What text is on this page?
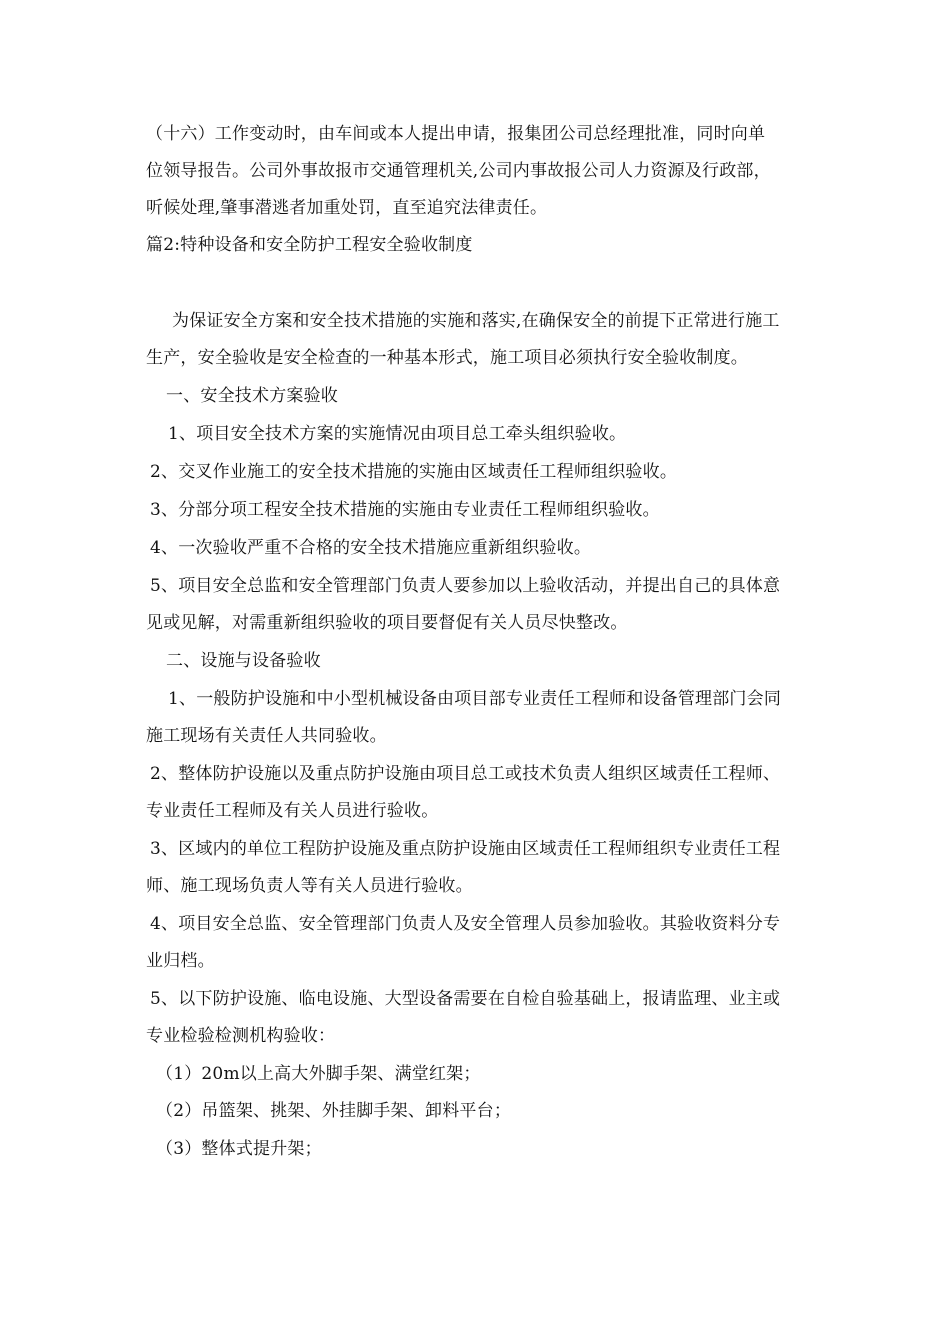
（十六）工作变动时，由车间或本人提出申请，报集团公司总经理批准，同时向单
位领导报告。公司外事故报市交通管理机关,公司内事故报公司人力资源及行政部，
听候处理,肇事潜逃者加重处罚，直至追究法律责任。
篇2:特种设备和安全防护工程安全验收制度
为保证安全方案和安全技术措施的实施和落实,在确保安全的前提下正常进行施工
生产，安全验收是安全检查的一种基本形式，施工项目必须执行安全验收制度。
一、安全技术方案验收
1、项目安全技术方案的实施情况由项目总工牵头组织验收。
2、交叉作业施工的安全技术措施的实施由区域责任工程师组织验收。
3、分部分项工程安全技术措施的实施由专业责任工程师组织验收。
4、一次验收严重不合格的安全技术措施应重新组织验收。
5、项目安全总监和安全管理部门负责人要参加以上验收活动，并提出自己的具体意
见或见解，对需重新组织验收的项目要督促有关人员尽快整改。
二、设施与设备验收
1、一般防护设施和中小型机械设备由项目部专业责任工程师和设备管理部门会同
施工现场有关责任人共同验收。
2、整体防护设施以及重点防护设施由项目总工或技术负责人组织区域责任工程师、
专业责任工程师及有关人员进行验收。
3、区域内的单位工程防护设施及重点防护设施由区域责任工程师组织专业责任工程
师、施工现场负责人等有关人员进行验收。
4、项目安全总监、安全管理部门负责人及安全管理人员参加验收。其验收资料分专
业归档。
5、以下防护设施、临电设施、大型设备需要在自检自验基础上，报请监理、业主或
专业检验检测机构验收：
（1）20m以上高大外脚手架、满堂红架；
（2）吊篮架、挑架、外挂脚手架、卸料平台；
（3）整体式提升架；
